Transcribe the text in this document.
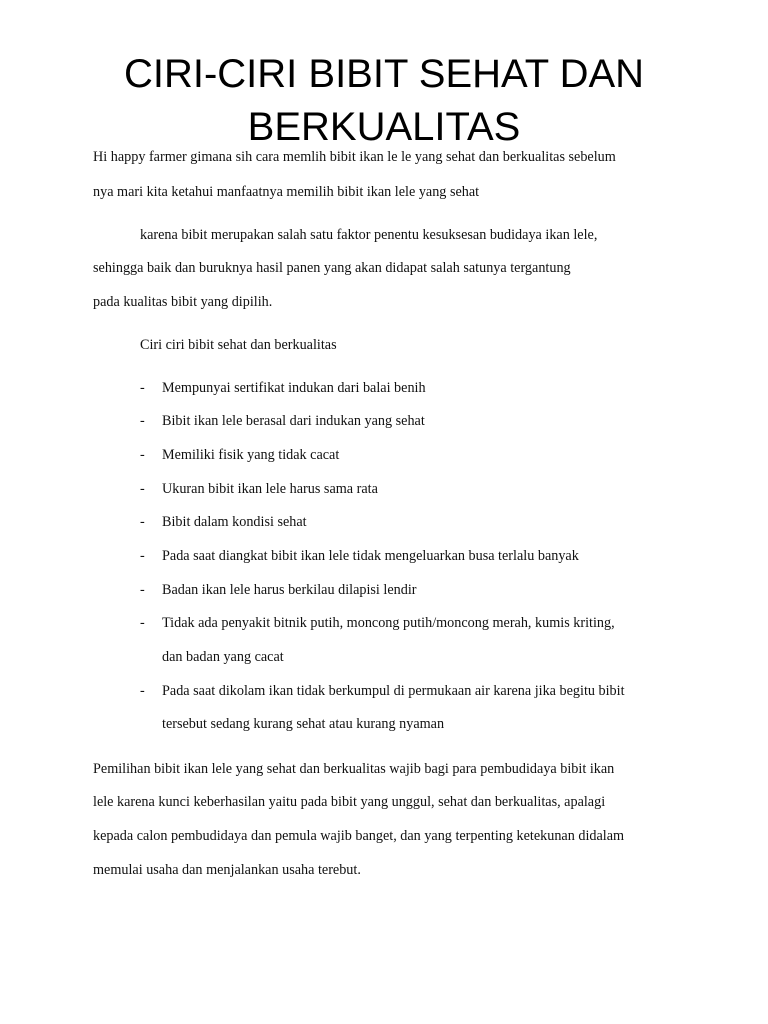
CIRI-CIRI BIBIT SEHAT DAN
BERKUALITAS
Hi happy farmer gimana sih cara memlih bibit ikan le le yang sehat dan berkualitas sebelum
nya mari kita ketahui manfaatnya memilih bibit ikan lele yang sehat
karena bibit merupakan salah satu faktor penentu kesuksesan budidaya ikan lele,
sehingga baik dan buruknya hasil panen yang akan didapat salah satunya tergantung
pada kualitas bibit yang dipilih.
Ciri ciri bibit sehat dan berkualitas
- Mempunyai sertifikat indukan dari balai benih
- Bibit ikan lele berasal dari indukan yang sehat
- Memiliki fisik yang tidak cacat
- Ukuran bibit ikan lele harus sama rata
- Bibit dalam kondisi sehat
- Pada saat diangkat bibit ikan lele tidak mengeluarkan busa terlalu banyak
- Badan ikan lele harus berkilau dilapisi lendir
- Tidak ada penyakit bitnik putih, moncong putih/moncong merah, kumis kriting,
dan badan yang cacat
- Pada saat dikolam ikan tidak berkumpul di permukaan air karena jika begitu bibit
tersebut sedang kurang sehat atau kurang nyaman
Pemilihan bibit ikan lele yang sehat dan berkualitas wajib bagi para pembudidaya bibit ikan
lele karena kunci keberhasilan yaitu pada bibit yang unggul, sehat dan berkualitas, apalagi
kepada calon pembudidaya dan pemula wajib banget, dan yang terpenting ketekunan didalam
memulai usaha dan menjalankan usaha terebut.
